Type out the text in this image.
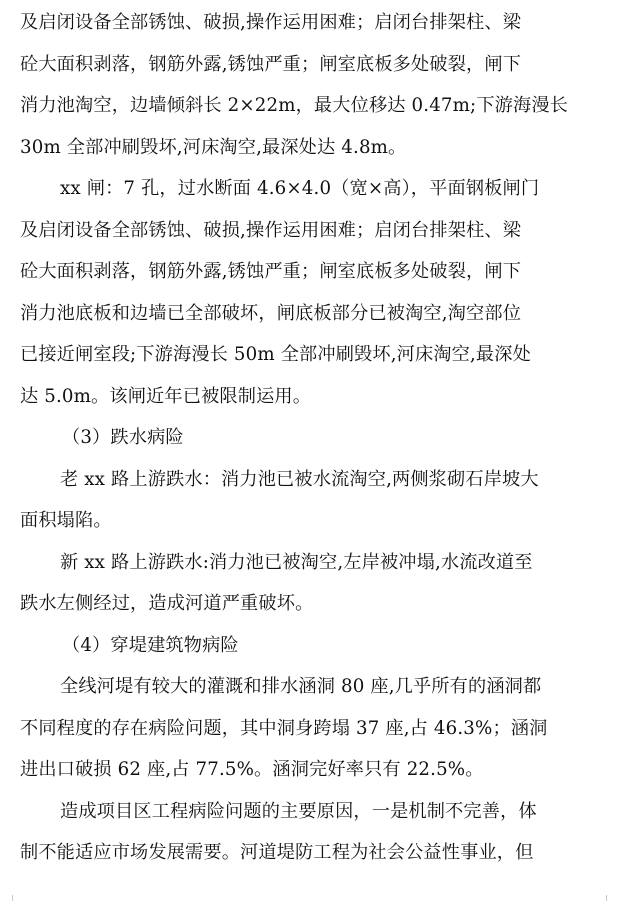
及启闭设备全部锈蚀、破损,操作运用困难；启闭台排架柱、梁
砼大面积剥落，钢筋外露,锈蚀严重；闸室底板多处破裂，闸下
消力池淘空，边墙倾斜长 2×22m，最大位移达 0.47m;下游海漫长
30m 全部冲刷毁坏,河床淘空,最深处达 4.8m。
xx 闸：7 孔，过水断面 4.6×4.0（宽×高），平面钢板闸门
及启闭设备全部锈蚀、破损,操作运用困难；启闭台排架柱、梁
砼大面积剥落，钢筋外露,锈蚀严重；闸室底板多处破裂，闸下
消力池底板和边墙已全部破坏，闸底板部分已被淘空,淘空部位
已接近闸室段;下游海漫长 50m 全部冲刷毁坏,河床淘空,最深处
达 5.0m。该闸近年已被限制运用。
（3）跌水病险
老 xx 路上游跌水：消力池已被水流淘空,两侧浆砌石岸坡大
面积塌陷。
新 xx 路上游跌水:消力池已被淘空,左岸被冲塌,水流改道至
跌水左侧经过，造成河道严重破坏。
（4）穿堤建筑物病险
全线河堤有较大的灌溉和排水涵洞 80 座,几乎所有的涵洞都
不同程度的存在病险问题，其中洞身跨塌 37 座,占 46.3%；涵洞
进出口破损 62 座,占 77.5%。涵洞完好率只有 22.5%。
造成项目区工程病险问题的主要原因，一是机制不完善，体
制不能适应市场发展需要。河道堤防工程为社会公益性事业，但
